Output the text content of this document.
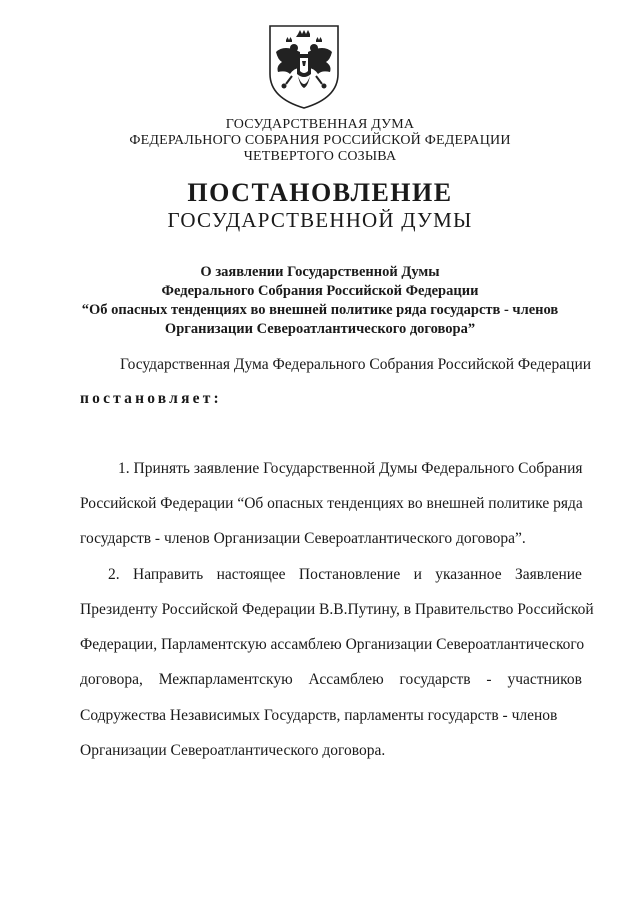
ГОСУДАРСТВЕННАЯ ДУМА
ФЕДЕРАЛЬНОГО СОБРАНИЯ РОССИЙСКОЙ ФЕДЕРАЦИИ
ЧЕТВЕРТОГО СОЗЫВА
ПОСТАНОВЛЕНИЕ
ГОСУДАРСТВЕННОЙ ДУМЫ
О заявлении Государственной Думы
Федерального Собрания Российской Федерации
“Об опасных тенденциях во внешней политике ряда государств - членов
Организации Североатлантического договора”
Государственная Дума Федерального Собрания Российской Федерации
постановляет:
1. Принять заявление Государственной Думы Федерального Собрания
Российской Федерации “Об опасных тенденциях во внешней политике ряда
государств - членов Организации Североатлантического договора”.
2. Направить настоящее Постановление и указанное Заявление
Президенту Российской Федерации В.В.Путину, в Правительство Российской
Федерации, Парламентскую ассамблею Организации Североатлантического
договора, Межпарламентскую Ассамблею государств - участников
Содружества Независимых Государств, парламенты государств - членов
Организации Североатлантического договора.
